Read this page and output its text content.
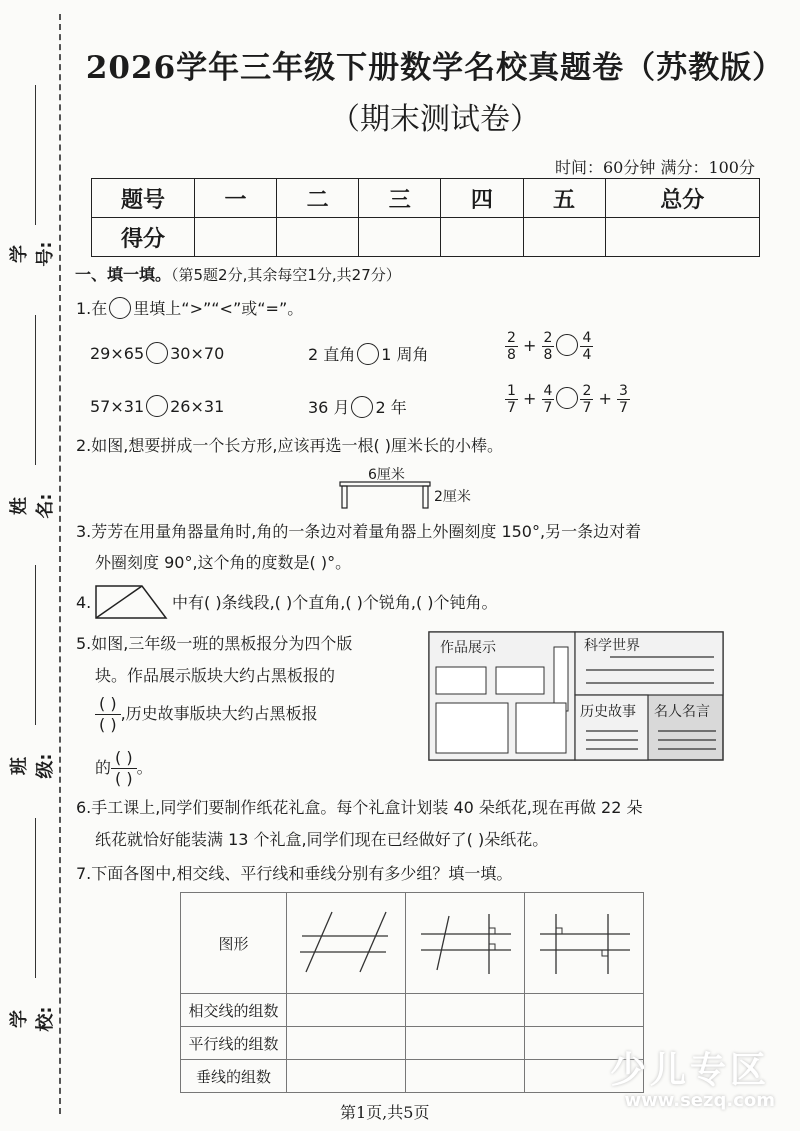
学号:
姓名:
班级:
学校:
2026学年三年级下册数学名校真题卷（苏教版）
（期末测试卷）
时间：60分钟 满分：100分
题号	一	二	三	四	五	总分
得分						
一、填一填。（第5题2分,其余每空1分,共27分）
1.在 里填上“>”“<”或“=”。
29×65 30×70	2 直角 1 周角	$\frac{2}{8} + \frac{2}{8} \frac{4}{4}$
57×31 26×31	36 月 2 年	$\frac{1}{7} + \frac{4}{7} \frac{2}{7} + \frac{3}{7}$
2.如图,想要拼成一个长方形,应该再选一根( )厘米长的小棒。
6厘米
2厘米
3.芳芳在用量角器量角时,角的一条边对着量角器上外圈刻度 150°,另一条边对着
外圈刻度 90°,这个角的度数是( )°。
4.	中有( )条线段,( )个直角,( )个锐角,( )个钝角。
5.如图,三年级一班的黑板报分为四个版
块。作品展示版块大约占黑板报的
( )
( )
,历史故事版块大约占黑板报
的
( )
( )
。
作品展示	科学世界
历史故事 名人名言
6.手工课上,同学们要制作纸花礼盒。每个礼盒计划装 40 朵纸花,现在再做 22 朵
纸花就恰好能装满 13 个礼盒,同学们现在已经做好了( )朵纸花。
7.下面各图中,相交线、平行线和垂线分别有多少组？填一填。
图形			
相交线的组数			
平行线的组数			
垂线的组数				少儿专区
www.sezq.com
第1页,共5页
